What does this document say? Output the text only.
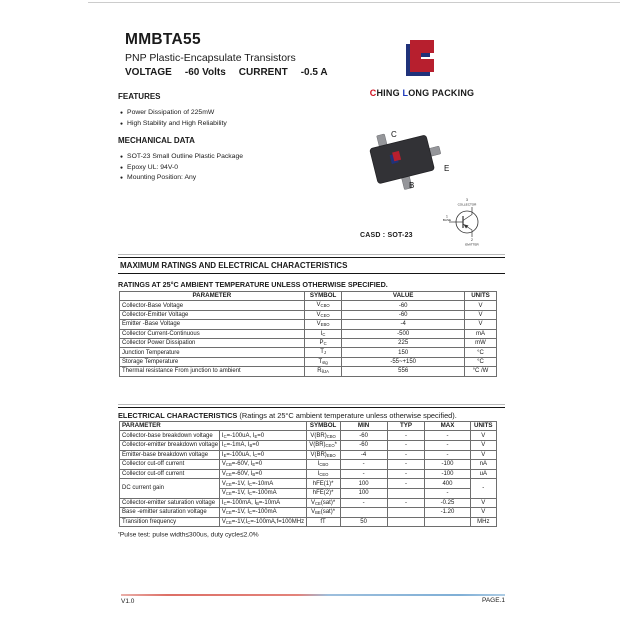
MMBTA55
PNP Plastic-Encapsulate Transistors
VOLTAGE -60 Volts CURRENT -0.5 A
CHING LONG PACKING
FEATURES
● Power Dissipation of 225mW
● High Stability and High Reliability
MECHANICAL DATA
● SOT-23 Small Outline Plastic Package
● Epoxy UL: 94V-0
● Mounting Position: Any
C
B
E
3
COLLECTOR
1
BASE
2
EMITTER
CASD : SOT-23
MAXIMUM RATINGS AND ELECTRICAL CHARACTERISTICS
RATINGS AT 25°C AMBIENT TEMPERATURE UNLESS OTHERWISE SPECIFIED.
PARAMETER	SYMBOL	VALUE	UNITS
Collector-Base Voltage	$V_{CBO}$	-60	V
Collector-Emitter Voltage	$V_{CEO}$	-60	V
Emitter -Base Voltage	$V_{EBO}$	-4	V
Collector Current-Continuous	$I_C$	-500	mA
Collector Power Dissipation	$P_C$	225	mW
Junction Temperature	$T_J$	150	°C
Storage Temperature	$T_{stg}$	-55~+150	°C
Thermal resistance From junction to ambient	$R_{\theta JA}$	556	°C /W
ELECTRICAL CHARACTERISTICS (Ratings at 25°C ambient temperature unless otherwise specified).
PARAMETER		SYMBOL	MIN	TYP	MAX	UNITS
Collector-base breakdown voltage	$I_C=-100uA$, $I_E=0$	$V(BR)_{CBO}$	-60	-	-	V
Collector-emitter breakdown voltage	$I_C=-1mA$, $I_B=0$	$V(BR)_{CEO}*$	-60	-	-	V
Emitter-base breakdown voltage	$I_E=-100uA$, $I_C=0$	$V(BR)_{EBO}$	-4	-	-	V
Collector cut-off current	$V_{CB}=-60V$, $I_E=0$	$I_{CBO}$	-	-	-100	nA
Collector cut-off current	$V_{CE}=-60V$, $I_B=0$	$I_{CEO}$	-	-	-100	uA
DC current gain	$V_{CE}=-1V$, $I_C=-10mA$	hFE(1)*	100	-	400	-
	$V_{CE}=-1V$, $I_C=-100mA$	hFE(2)*	100		-	
Collector-emitter saturation voltage	$I_C=-100mA$, $I_B=-10mA$	$V_{CE}(sat)*$	-	-	-0.25	V
Base -emitter saturation voltage	$V_{CE}=-1V$, $I_C=-100mA$	$V_{BE}(sat)*$			-1.20	V
Transition frequency	$V_{CE}=-1V,I_C=-100mA,f=100MHz$	fT	50			MHz
*Pulse test: pulse width≤300us, duty cycle≤2.0%
V1.0	PAGE.1
